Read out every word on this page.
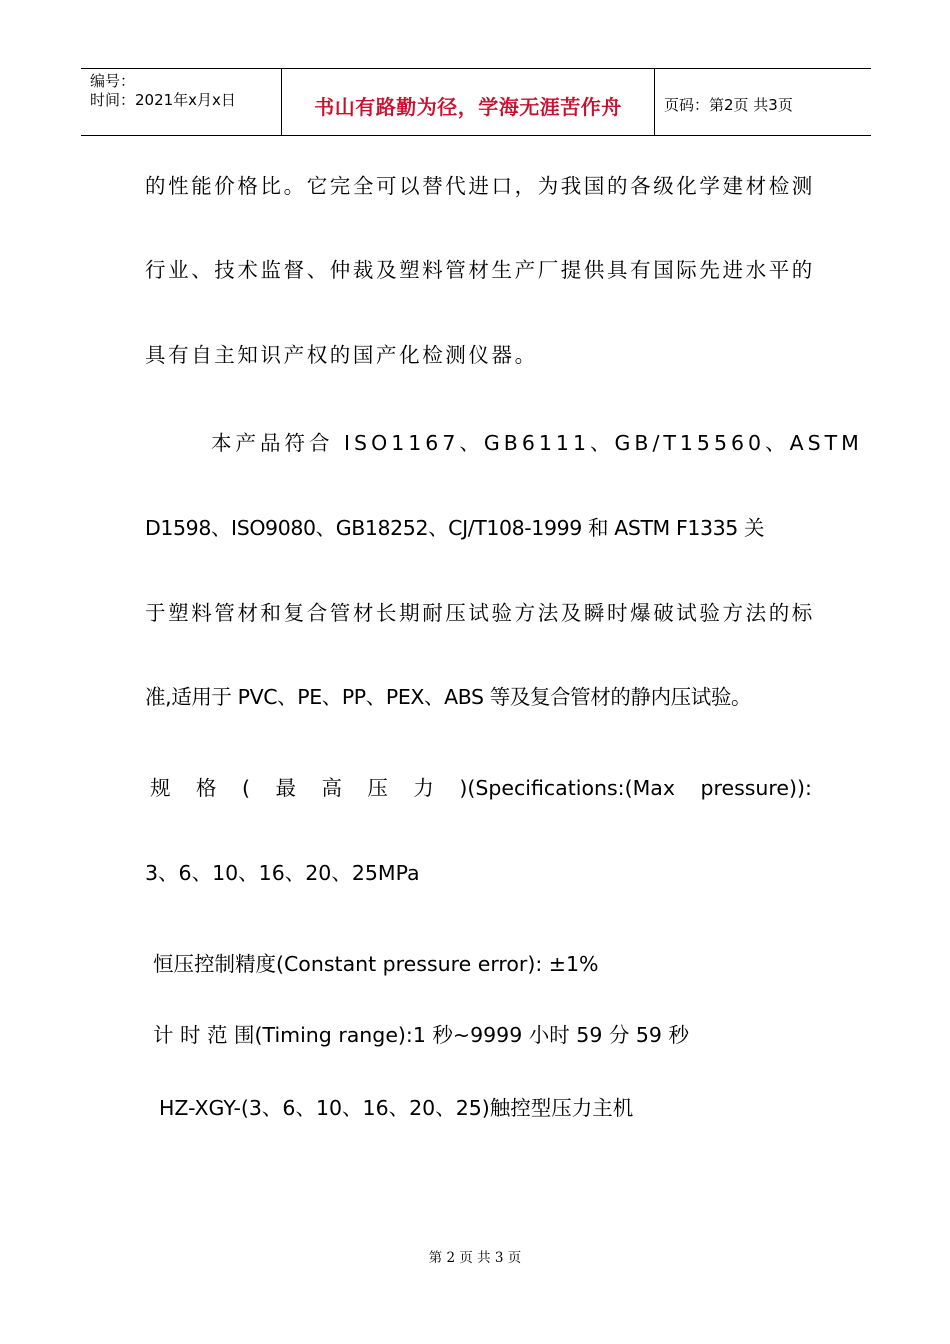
编号：
时间：2021年x月x日	书山有路勤为径，学海无涯苦作舟	页码：第2页 共3页
的性能价格比。它完全可以替代进口，为我国的各级化学建材检测
行业、技术监督、仲裁及塑料管材生产厂提供具有国际先进水平的
具有自主知识产权的国产化检测仪器。
本产品符合 ISO1167、GB6111、GB/T15560、ASTM
D1598、ISO9080、GB18252、CJ/T108-1999 和 ASTM F1335 关
于塑料管材和复合管材长期耐压试验方法及瞬时爆破试验方法的标
准,适用于 PVC、PE、PP、PEX、ABS 等及复合管材的静内压试验。
规 格 ( 最 高 压 力 )(Specifications:(Max pressure)):
3、6、10、16、20、25MPa
恒压控制精度(Constant pressure error): ±1%
计 时 范 围(Timing range):1 秒~9999 小时 59 分 59 秒
HZ-XGY-(3、6、10、16、20、25)触控型压力主机
第 2 页 共 3 页
